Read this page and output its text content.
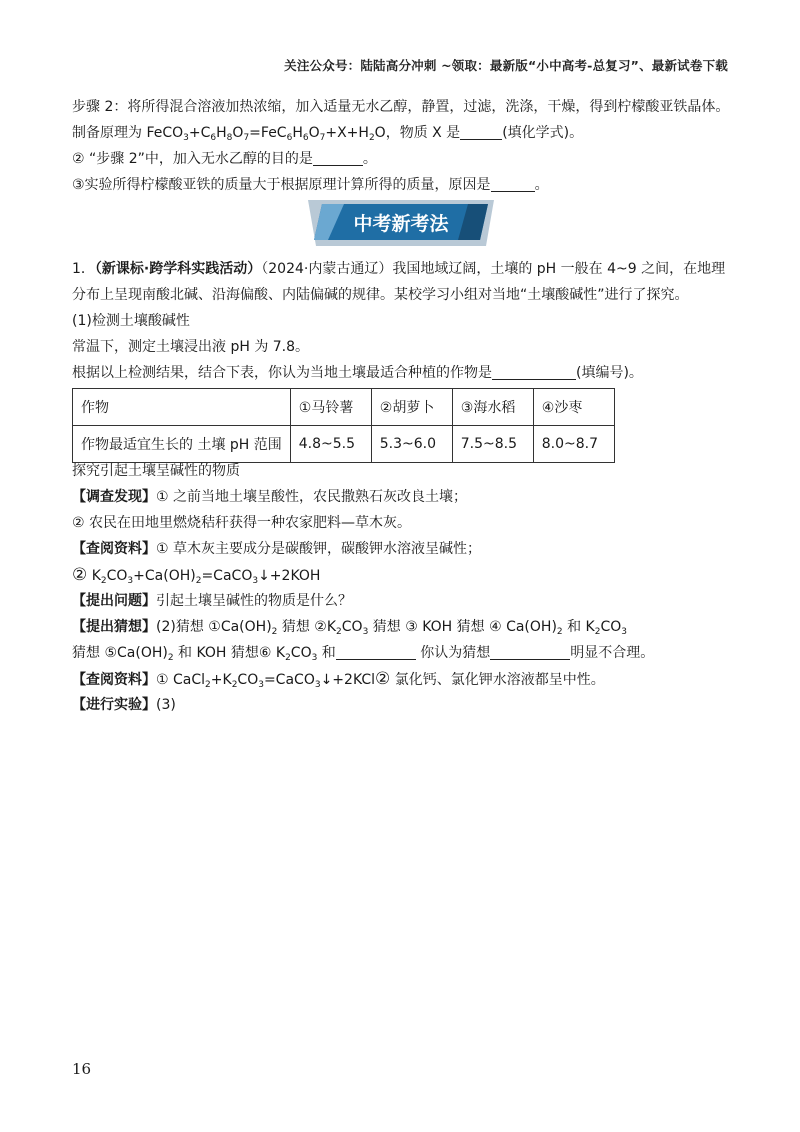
关注公众号：陆陆高分冲刺 ~领取：最新版“小中高考-总复习”、最新试卷下载
步骤 2：将所得混合溶液加热浓缩，加入适量无水乙醇，静置，过滤，洗涤，干燥，得到柠檬酸亚铁晶体。
制备原理为 $FeCO_3+C_6H_8O_7=FeC_6H_6O_7+X+H_2O$，物质 X 是	(填化学式)。
② “步骤 2”中，加入无水乙醇的目的是	。
③实验所得柠檬酸亚铁的质量大于根据原理计算所得的质量，原因是	。
中考新考法
1．（新课标·跨学科实践活动）（2024·内蒙古通辽）我国地域辽阔，土壤的 pH 一般在 4~9 之间，在地理
分布上呈现南酸北碱、沿海偏酸、内陆偏碱的规律。某校学习小组对当地“土壤酸碱性”进行了探究。
(1)检测土壤酸碱性
常温下，测定土壤浸出液 pH 为 7.8。
根据以上检测结果，结合下表，你认为当地土壤最适合种植的作物是	(填编号)。
作物	①马铃薯	②胡萝卜	③海水稻	④沙枣
作物最适宜生长的 土壤 pH 范围	4.8~5.5	5.3~6.0	7.5~8.5	8.0~8.7
探究引起土壤呈碱性的物质
【调查发现】① 之前当地土壤呈酸性，农民撒熟石灰改良土壤；
② 农民在田地里燃烧秸秆获得一种农家肥料—草木灰。
【查阅资料】① 草木灰主要成分是碳酸钾，碳酸钾水溶液呈碱性；
② $K_2CO_3+Ca(OH)_2=CaCO_3↓+2KOH$
【提出问题】引起土壤呈碱性的物质是什么？
【提出猜想】(2)猜想 $①Ca(OH)_2$ 猜想 $②K_2CO_3$ 猜想 ③ KOH 猜想 ④ $Ca(OH)_2$ 和 $K_2CO_3$
猜想 $⑤Ca(OH)_2$ 和 KOH 猜想⑥ $K_2CO_3$ 和	你认为猜想	明显不合理。
【查阅资料】① $CaCl_2+K_2CO_3=CaCO_3↓+2KCl②$ 氯化钙、氯化钾水溶液都呈中性。
【进行实验】(3)
16
